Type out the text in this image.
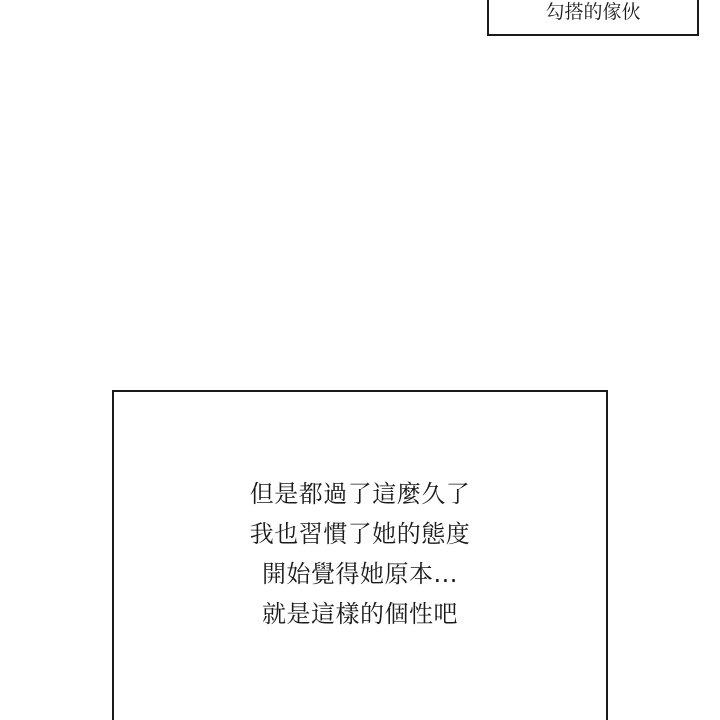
勾搭的傢伙
但是都過了這麼久了
我也習慣了她的態度
開始覺得她原本...
就是這樣的個性吧
